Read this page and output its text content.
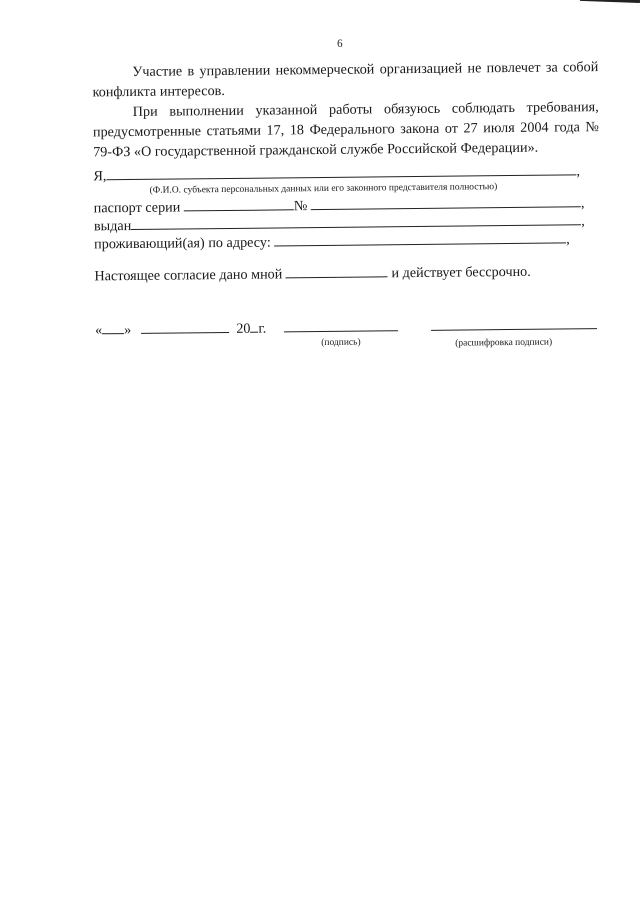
6
Участие в управлении некоммерческой организацией не повлечет за собой конфликта интересов.
При выполнении указанной работы обязуюсь соблюдать требования, предусмотренные статьями 17, 18 Федерального закона от 27 июля 2004 года № 79-ФЗ «О государственной гражданской службе Российской Федерации».
Я,	,
(Ф.И.О. субъекта персональных данных или его законного представителя полностью)
паспорт серии	№	,
выдан	,
проживающий(ая) по адресу:	,
Настоящее согласие дано мной	и действует бессрочно.
« »	20 г.
(подпись)	(расшифровка подписи)
